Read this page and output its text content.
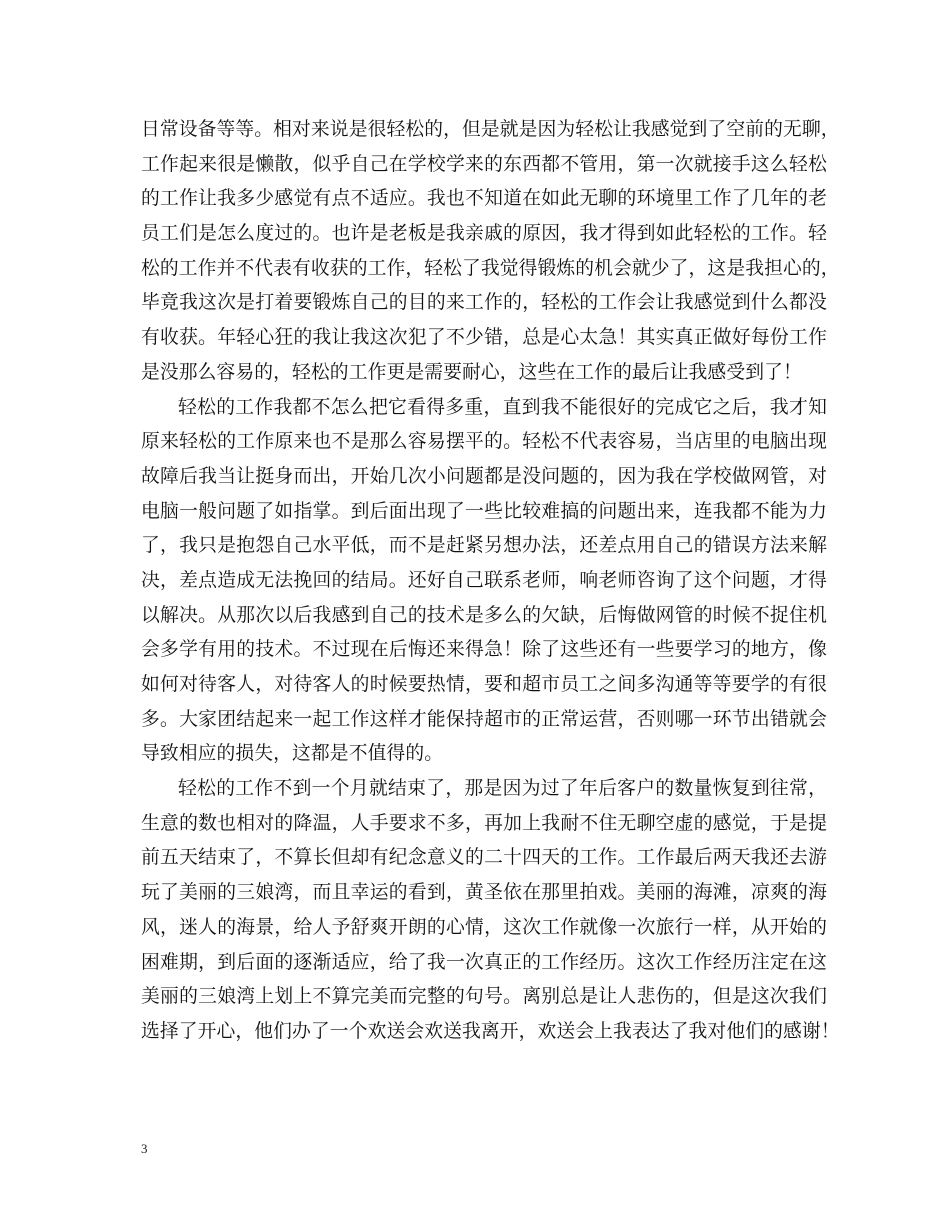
日常设备等等。相对来说是很轻松的，但是就是因为轻松让我感觉到了空前的无聊，
工作起来很是懒散，似乎自己在学校学来的东西都不管用，第一次就接手这么轻松
的工作让我多少感觉有点不适应。我也不知道在如此无聊的环境里工作了几年的老
员工们是怎么度过的。也许是老板是我亲戚的原因，我才得到如此轻松的工作。轻
松的工作并不代表有收获的工作，轻松了我觉得锻炼的机会就少了，这是我担心的，
毕竟我这次是打着要锻炼自己的目的来工作的，轻松的工作会让我感觉到什么都没
有收获。年轻心狂的我让我这次犯了不少错，总是心太急！其实真正做好每份工作
是没那么容易的，轻松的工作更是需要耐心，这些在工作的最后让我感受到了！
轻松的工作我都不怎么把它看得多重，直到我不能很好的完成它之后，我才知
原来轻松的工作原来也不是那么容易摆平的。轻松不代表容易，当店里的电脑出现
故障后我当让挺身而出，开始几次小问题都是没问题的，因为我在学校做网管，对
电脑一般问题了如指掌。到后面出现了一些比较难搞的问题出来，连我都不能为力
了，我只是抱怨自己水平低，而不是赶紧另想办法，还差点用自己的错误方法来解
决，差点造成无法挽回的结局。还好自己联系老师，响老师咨询了这个问题，才得
以解决。从那次以后我感到自己的技术是多么的欠缺，后悔做网管的时候不捉住机
会多学有用的技术。不过现在后悔还来得急！除了这些还有一些要学习的地方，像
如何对待客人，对待客人的时候要热情，要和超市员工之间多沟通等等要学的有很
多。大家团结起来一起工作这样才能保持超市的正常运营，否则哪一环节出错就会
导致相应的损失，这都是不值得的。
轻松的工作不到一个月就结束了，那是因为过了年后客户的数量恢复到往常，
生意的数也相对的降温，人手要求不多，再加上我耐不住无聊空虚的感觉，于是提
前五天结束了，不算长但却有纪念意义的二十四天的工作。工作最后两天我还去游
玩了美丽的三娘湾，而且幸运的看到，黄圣依在那里拍戏。美丽的海滩，凉爽的海
风，迷人的海景，给人予舒爽开朗的心情，这次工作就像一次旅行一样，从开始的
困难期，到后面的逐渐适应，给了我一次真正的工作经历。这次工作经历注定在这
美丽的三娘湾上划上不算完美而完整的句号。离别总是让人悲伤的，但是这次我们
选择了开心，他们办了一个欢送会欢送我离开，欢送会上我表达了我对他们的感谢！
3
